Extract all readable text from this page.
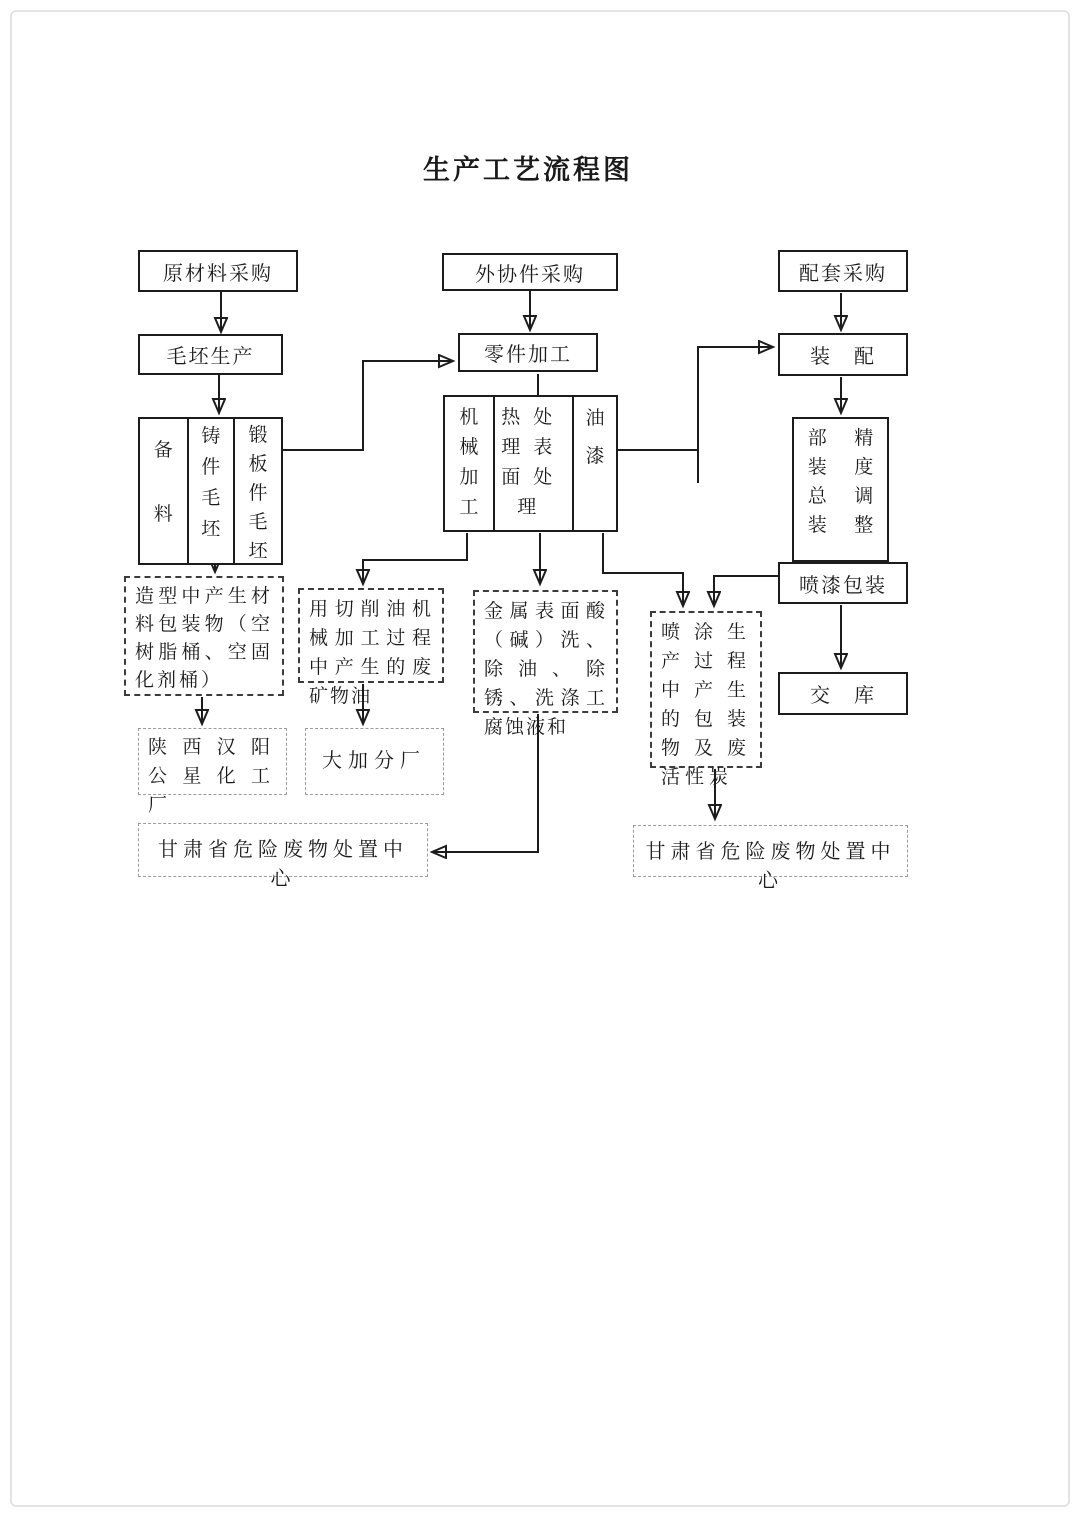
生产工艺流程图
原材料采购
毛坯生产
备料
铸件毛坯
锻板件毛坯
造型中产生材料包装物（空树脂桶、空固化剂桶）
陕西汉阳公星化工厂
甘肃省危险废物处置中心
外协件采购
零件加工
机械加工
热处理表面处理
油漆
用切削油机械加工过程中产生的废矿物油
大加分厂
金属表面酸（碱）洗、除油、除锈、洗涤工腐蚀液和
配套采购
装　配
部装总装
精度调整
喷漆包装
交　库
喷涂生产过程中产生的包装物及废活性炭
甘肃省危险废物处置中心
